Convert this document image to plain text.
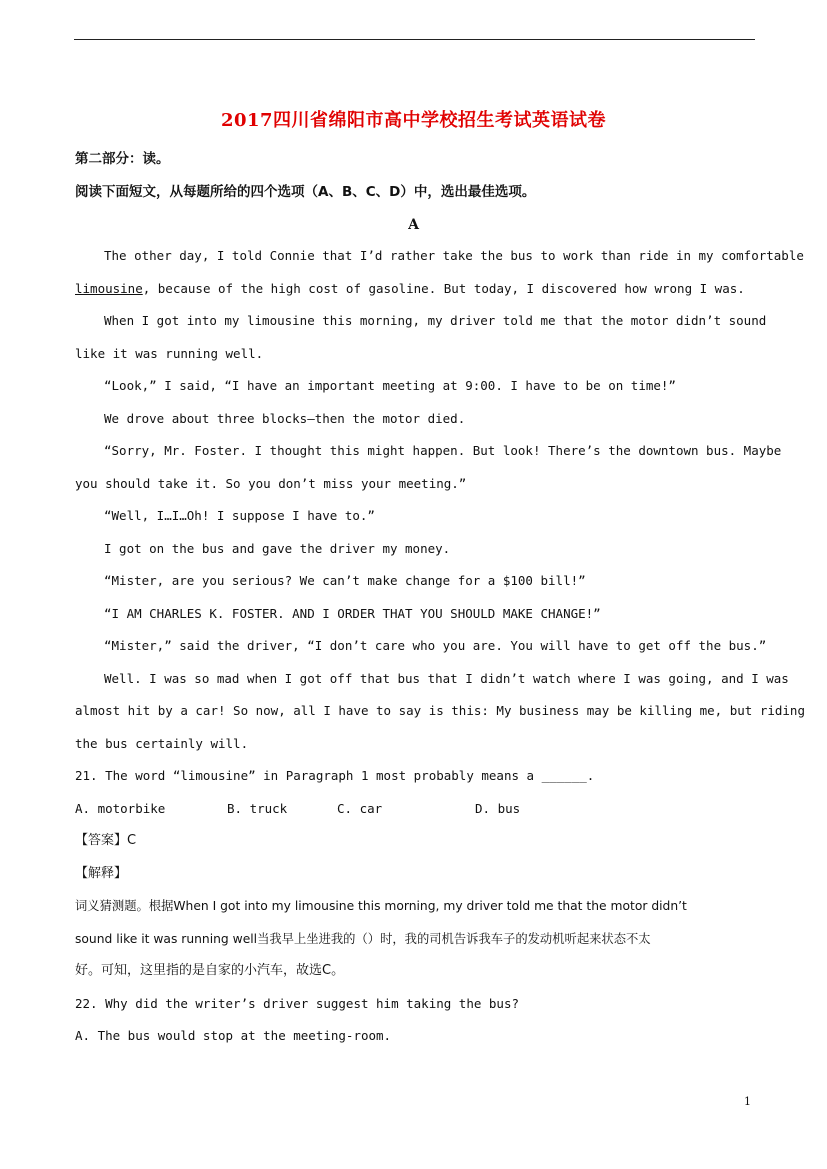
2017四川省绵阳市高中学校招生考试英语试卷
第二部分：读。
阅读下面短文，从每题所给的四个选项（A、B、C、D）中，选出最佳选项。
A
The other day, I told Connie that I’d rather take the bus to work than ride in my comfortable
limousine, because of the high cost of gasoline. But today, I discovered how wrong I was.
When I got into my limousine this morning, my driver told me that the motor didn’t sound
like it was running well.
“Look,” I said, “I have an important meeting at 9:00. I have to be on time!”
We drove about three blocks—then the motor died.
“Sorry, Mr. Foster. I thought this might happen. But look! There’s the downtown bus. Maybe
you should take it. So you don’t miss your meeting.”
“Well, I…I…Oh! I suppose I have to.”
I got on the bus and gave the driver my money.
“Mister, are you serious? We can’t make change for a $100 bill!”
“I AM CHARLES K. FOSTER. AND I ORDER THAT YOU SHOULD MAKE CHANGE!”
“Mister,” said the driver, “I don’t care who you are. You will have to get off the bus.”
Well. I was so mad when I got off that bus that I didn’t watch where I was going, and I was
almost hit by a car! So now, all I have to say is this: My business may be killing me, but riding
the bus certainly will.
21. The word “limousine” in Paragraph 1 most probably means a ______.
A. motorbike	B. truck	C. car	D. bus
【答案】C
【解释】
词义猜测题。根据When I got into my limousine this morning, my driver told me that the motor didn’t
sound like it was running well当我早上坐进我的（）时，我的司机告诉我车子的发动机听起来状态不太
好。可知，这里指的是自家的小汽车，故选C。
22. Why did the writer’s driver suggest him taking the bus?
A. The bus would stop at the meeting-room.
1
